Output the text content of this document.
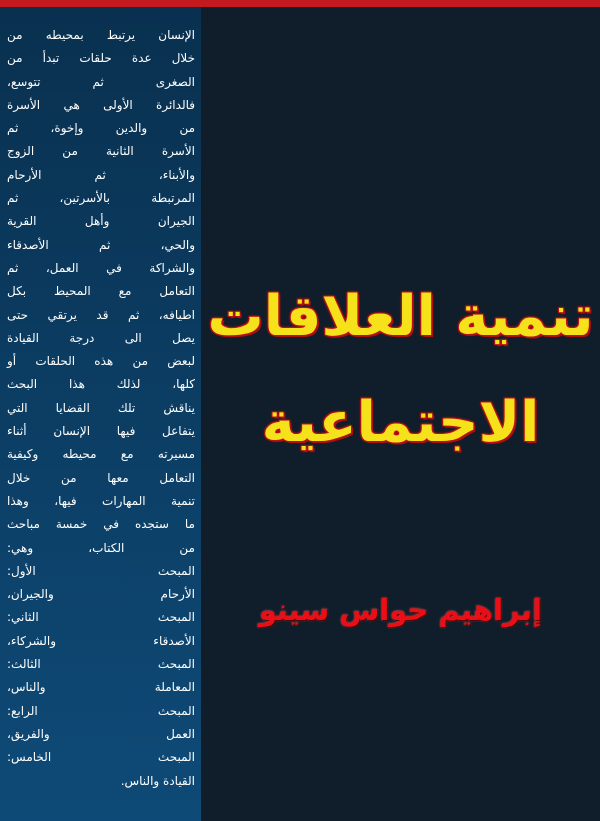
الإنسان يرتبط بمحيطه من
خلال عدة حلقات تبدأ من
الصغرى ثم تتوسع،
فالدائرة الأولى هي الأسرة
من والدين وإخوة، ثم
الأسرة الثانية من الزوج
والأبناء، ثم الأرحام
المرتبطة بالأسرتين، ثم
الجيران وأهل القرية
والحي، ثم الأصدقاء
والشراكة في العمل، ثم
التعامل مع المحيط بكل
اطيافه، ثم قد يرتقي حتى
يصل الى درجة القيادة
لبعض من هذه الحلقات أو
كلها، لذلك هذا البحث
يناقش تلك القضايا التي
يتفاعل فيها الإنسان أثناء
مسيرته مع محيطه وكيفية
التعامل معها من خلال
تنمية المهارات فيها، وهذا
ما ستجده في خمسة مباحث
من الكتاب، وهي:
المبحث الأول:
الأرحام والجيران،
المبحث الثاني:
الأصدقاء والشركاء،
المبحث الثالث:
المعاملة والناس،
المبحث الرابع:
العمل والفريق،
المبحث الخامس:
القيادة والناس.

تنمية العلاقات
الاجتماعية

إبراهيم حواس سينو
